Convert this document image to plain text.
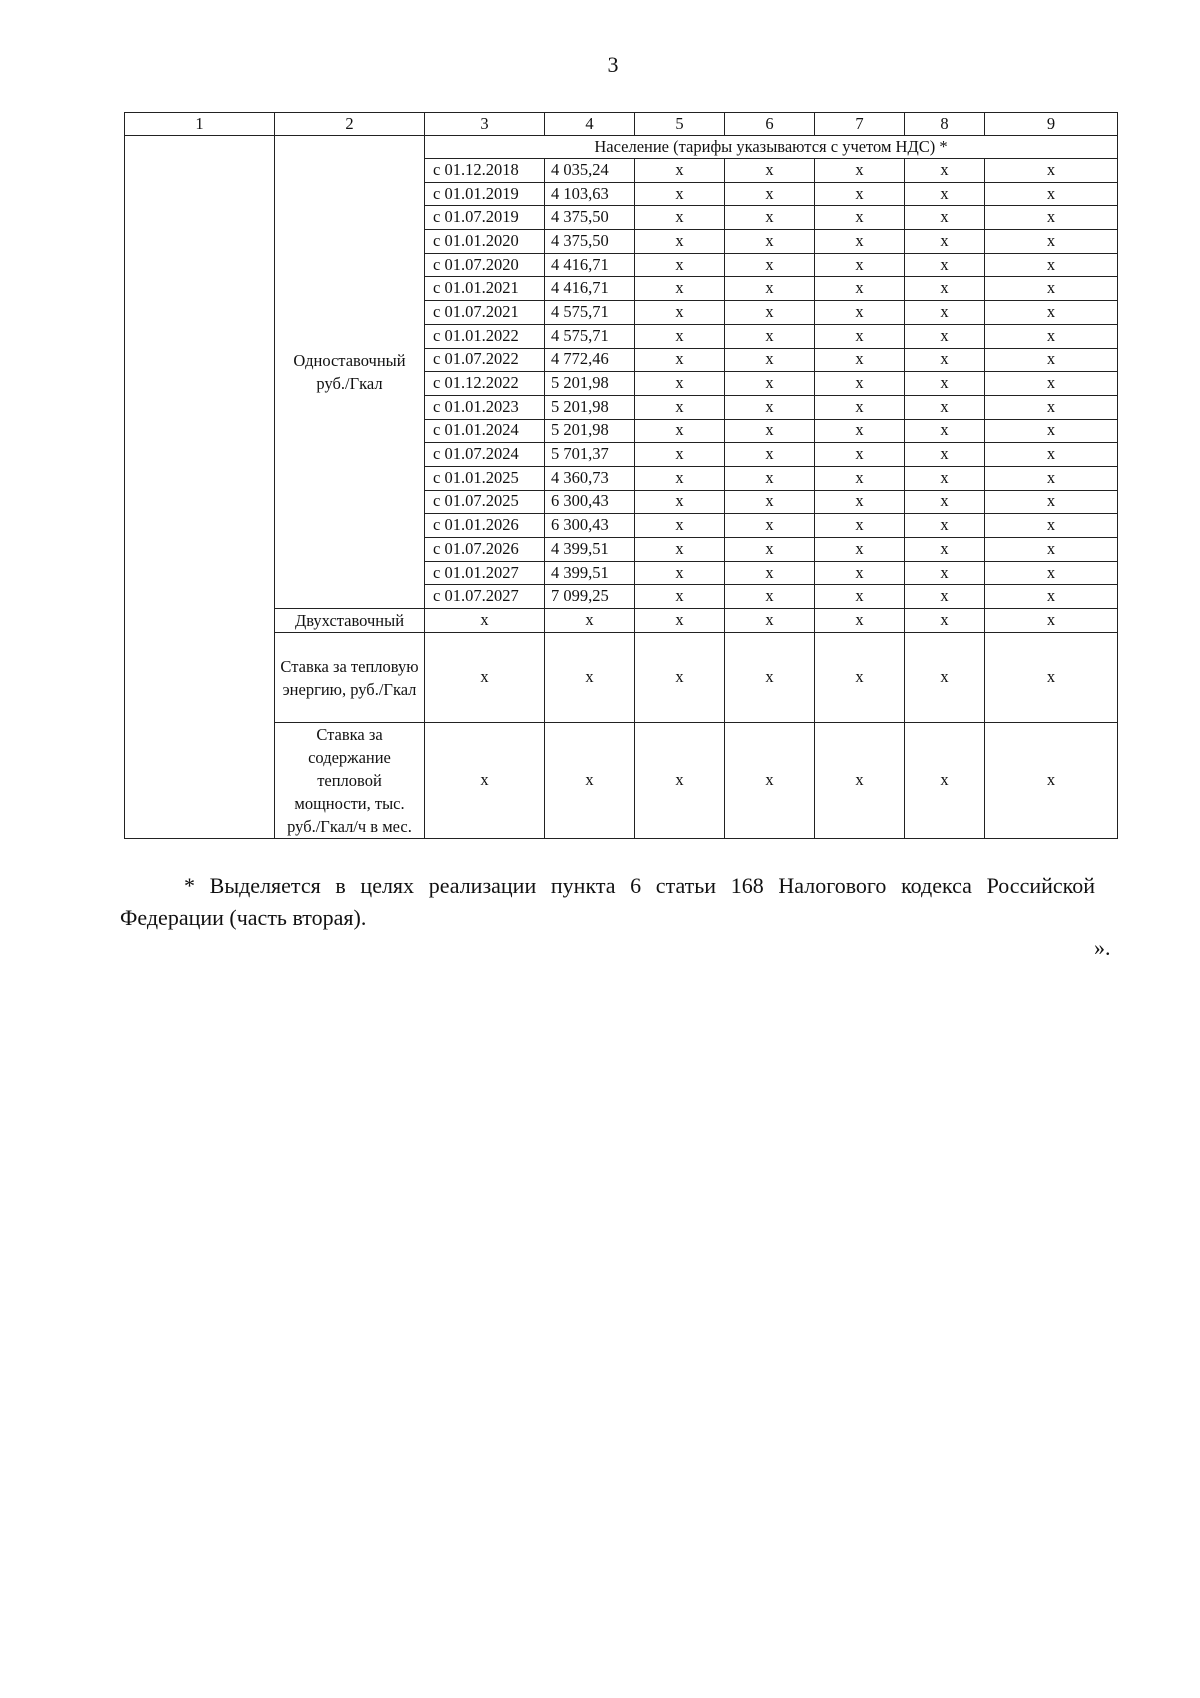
3
1	2	3	4	5	6	7	8	9
	Одноставочный руб./Гкал	Население (тарифы указываются с учетом НДС) *						
		с 01.12.2018	4 035,24	x	x	x	x	x
		с 01.01.2019	4 103,63	x	x	x	x	x
		с 01.07.2019	4 375,50	x	x	x	x	x
		с 01.01.2020	4 375,50	x	x	x	x	x
		с 01.07.2020	4 416,71	x	x	x	x	x
		с 01.01.2021	4 416,71	x	x	x	x	x
		с 01.07.2021	4 575,71	x	x	x	x	x
		с 01.01.2022	4 575,71	x	x	x	x	x
		с 01.07.2022	4 772,46	x	x	x	x	x
		с 01.12.2022	5 201,98	x	x	x	x	x
		с 01.01.2023	5 201,98	x	x	x	x	x
		с 01.01.2024	5 201,98	x	x	x	x	x
		с 01.07.2024	5 701,37	x	x	x	x	x
		с 01.01.2025	4 360,73	x	x	x	x	x
		с 01.07.2025	6 300,43	x	x	x	x	x
		с 01.01.2026	6 300,43	x	x	x	x	x
		с 01.07.2026	4 399,51	x	x	x	x	x
		с 01.01.2027	4 399,51	x	x	x	x	x
		с 01.07.2027	7 099,25	x	x	x	x	x
	Двухставочный	x	x	x	x	x	x	x
	Ставка за тепловую энергию, руб./Гкал	x	x	x	x	x	x	x
	Ставка за содержание тепловой мощности, тыс. руб./Гкал/ч в мес.	x	x	x	x	x	x	x
* Выделяется в целях реализации пункта 6 статьи 168 Налогового кодекса Российской Федерации (часть вторая).
».
